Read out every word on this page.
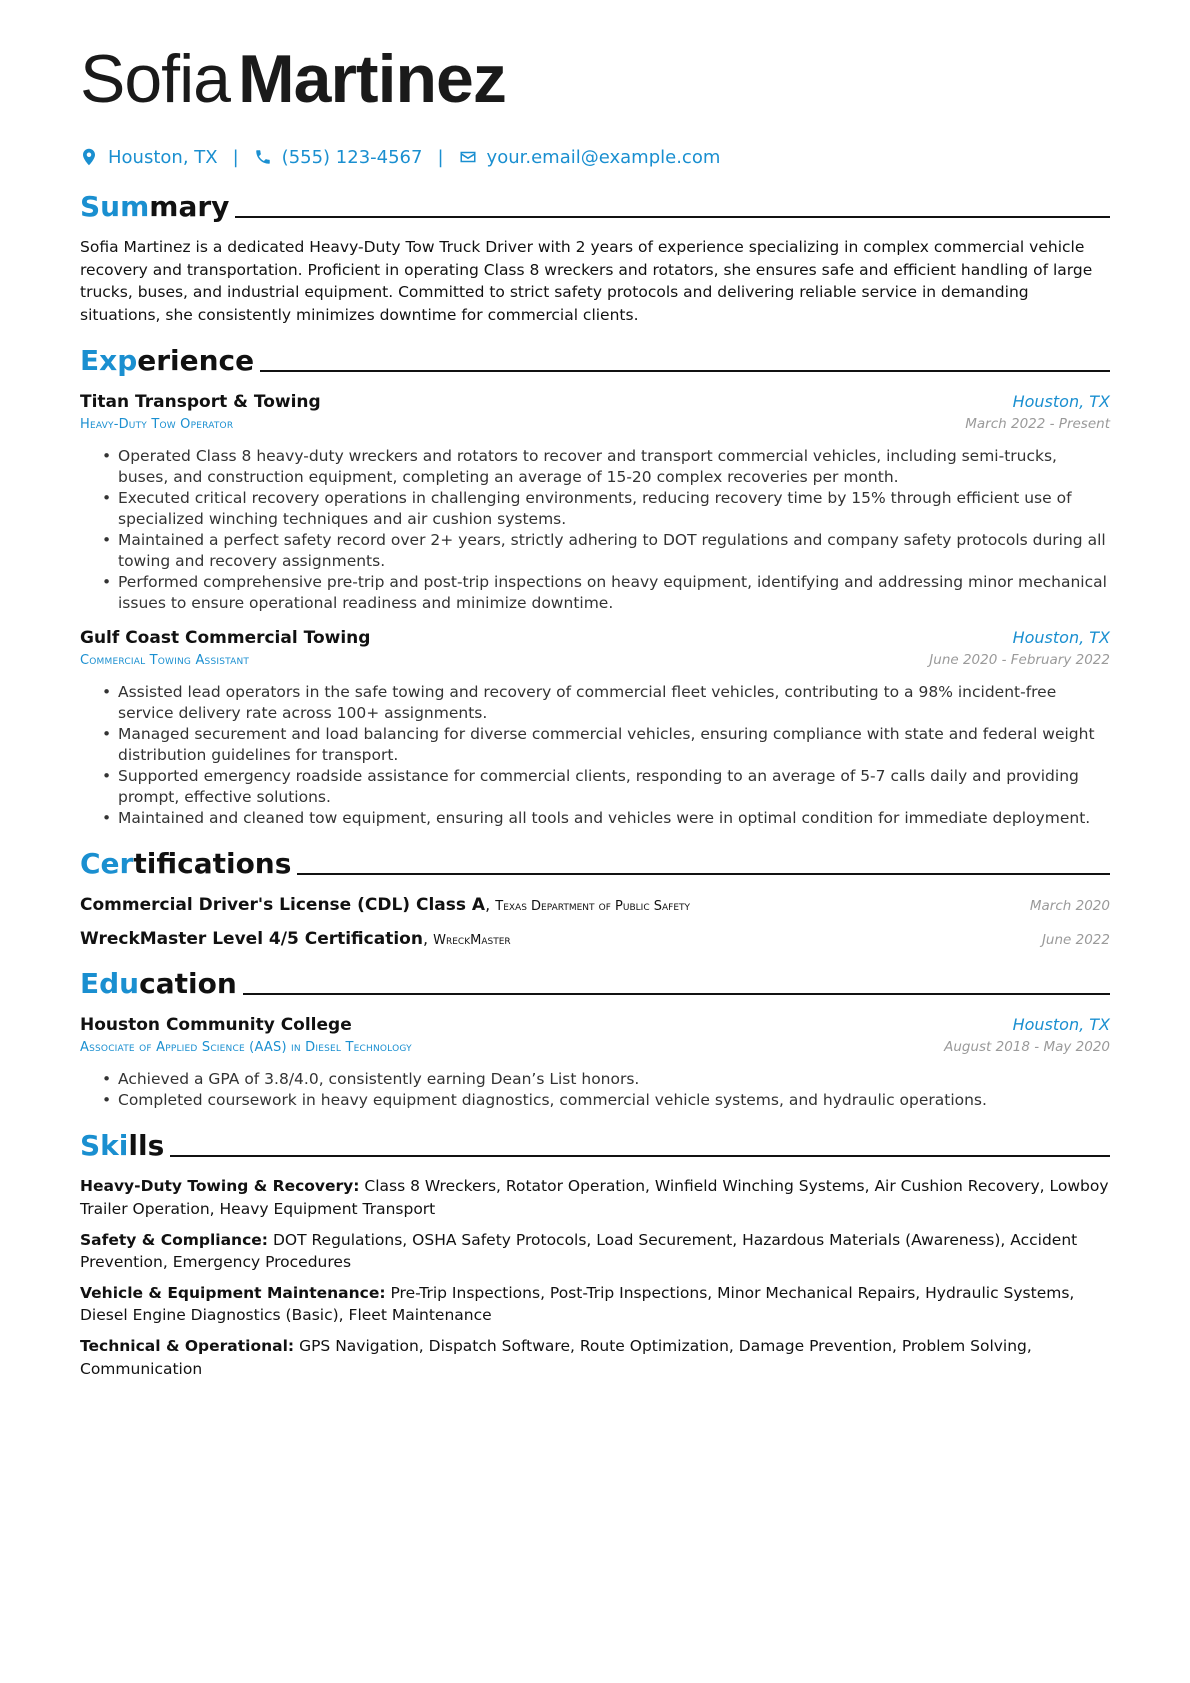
Sofia Martinez
Houston, TX | (555) 123-4567 | your.email@example.com
Summary
Sofia Martinez is a dedicated Heavy-Duty Tow Truck Driver with 2 years of experience specializing in complex commercial vehicle recovery and transportation. Proficient in operating Class 8 wreckers and rotators, she ensures safe and efficient handling of large trucks, buses, and industrial equipment. Committed to strict safety protocols and delivering reliable service in demanding situations, she consistently minimizes downtime for commercial clients.
Experience
Titan Transport & Towing	Houston, TX
Heavy-Duty Tow Operator	March 2022 - Present
• Operated Class 8 heavy-duty wreckers and rotators to recover and transport commercial vehicles, including semi-trucks, buses, and construction equipment, completing an average of 15-20 complex recoveries per month.
• Executed critical recovery operations in challenging environments, reducing recovery time by 15% through efficient use of specialized winching techniques and air cushion systems.
• Maintained a perfect safety record over 2+ years, strictly adhering to DOT regulations and company safety protocols during all towing and recovery assignments.
• Performed comprehensive pre-trip and post-trip inspections on heavy equipment, identifying and addressing minor mechanical issues to ensure operational readiness and minimize downtime.
Gulf Coast Commercial Towing	Houston, TX
Commercial Towing Assistant	June 2020 - February 2022
• Assisted lead operators in the safe towing and recovery of commercial fleet vehicles, contributing to a 98% incident-free service delivery rate across 100+ assignments.
• Managed securement and load balancing for diverse commercial vehicles, ensuring compliance with state and federal weight distribution guidelines for transport.
• Supported emergency roadside assistance for commercial clients, responding to an average of 5-7 calls daily and providing prompt, effective solutions.
• Maintained and cleaned tow equipment, ensuring all tools and vehicles were in optimal condition for immediate deployment.
Certifications
Commercial Driver's License (CDL) Class A, Texas Department of Public Safety	March 2020
WreckMaster Level 4/5 Certification, WreckMaster	June 2022
Education
Houston Community College	Houston, TX
Associate of Applied Science (AAS) in Diesel Technology	August 2018 - May 2020
• Achieved a GPA of 3.8/4.0, consistently earning Dean’s List honors.
• Completed coursework in heavy equipment diagnostics, commercial vehicle systems, and hydraulic operations.
Skills
Heavy-Duty Towing & Recovery: Class 8 Wreckers, Rotator Operation, Winfield Winching Systems, Air Cushion Recovery, Lowboy Trailer Operation, Heavy Equipment Transport
Safety & Compliance: DOT Regulations, OSHA Safety Protocols, Load Securement, Hazardous Materials (Awareness), Accident Prevention, Emergency Procedures
Vehicle & Equipment Maintenance: Pre-Trip Inspections, Post-Trip Inspections, Minor Mechanical Repairs, Hydraulic Systems, Diesel Engine Diagnostics (Basic), Fleet Maintenance
Technical & Operational: GPS Navigation, Dispatch Software, Route Optimization, Damage Prevention, Problem Solving, Communication
